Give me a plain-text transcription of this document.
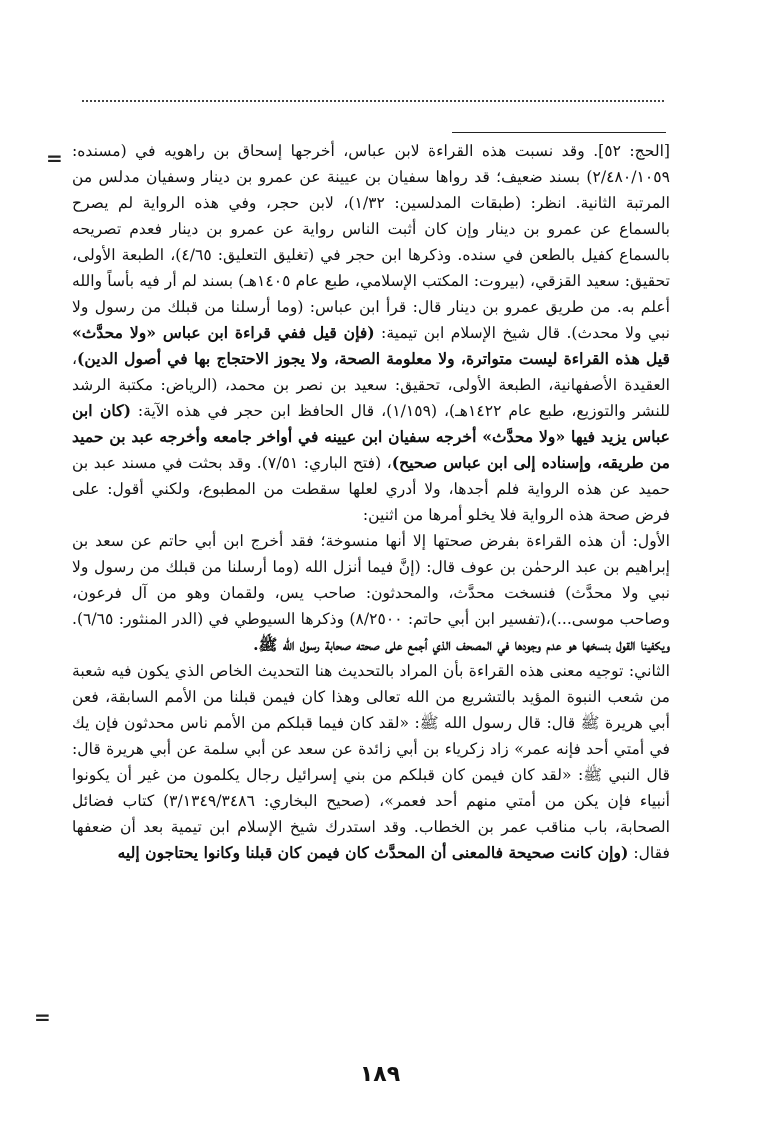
=
=

[الحج: ٥٢]. وقد نسبت هذه القراءة لابن عباس، أخرجها إسحاق بن راهويه في (مسنده: ٢/٤٨٠/١٠٥٩) بسند ضعيف؛ قد رواها سفيان بن عيينة عن عمرو بن دينار وسفيان مدلس من المرتبة الثانية. انظر: (طبقات المدلسين: ١/٣٢)، لابن حجر، وفي هذه الرواية لم يصرح بالسماع عن عمرو بن دينار وإن كان أثبت الناس رواية عن عمرو بن دينار فعدم تصريحه بالسماع كفيل بالطعن في سنده. وذكرها ابن حجر في (تغليق التعليق: ٤/٦٥)، الطبعة الأولى، تحقيق: سعيد القزقي، (بيروت: المكتب الإسلامي، طبع عام ١٤٠٥هـ) بسند لم أر فيه بأساً والله أعلم به. من طريق عمرو بن دينار قال: قرأ ابن عباس: (وما أرسلنا من قبلك من رسول ولا نبي ولا محدث). قال شيخ الإسلام ابن تيمية: (فإن قيل ففي قراءة ابن عباس «ولا محدَّث» قيل هذه القراءة ليست متواترة، ولا معلومة الصحة، ولا يجوز الاحتجاج بها في أصول الدين)، العقيدة الأصفهانية، الطبعة الأولى، تحقيق: سعيد بن نصر بن محمد، (الرياض: مكتبة الرشد للنشر والتوزيع، طبع عام ١٤٢٢هـ)، (١/١٥٩)، قال الحافظ ابن حجر في هذه الآية: (كان ابن عباس يزيد فيها «ولا محدَّث» أخرجه سفيان ابن عيينه في أواخر جامعه وأخرجه عبد بن حميد من طريقه، وإسناده إلى ابن عباس صحيح)، (فتح الباري: ٧/٥١). وقد بحثت في مسند عبد بن حميد عن هذه الرواية فلم أجدها، ولا أدري لعلها سقطت من المطبوع، ولكني أقول: على فرض صحة هذه الرواية فلا يخلو أمرها من اثنين:

الأول: أن هذه القراءة بفرض صحتها إلا أنها منسوخة؛ فقد أخرج ابن أبي حاتم عن سعد بن إبراهيم بن عبد الرحمٰن بن عوف قال: (إنَّ فيما أنزل الله (وما أرسلنا من قبلك من رسول ولا نبي ولا محدَّث) فنسخت محدَّث، والمحدثون: صاحب يس، ولقمان وهو من آل فرعون، وصاحب موسى...)،(تفسير ابن أبي حاتم: ٨/٢٥٠٠) وذكرها السيوطي في (الدر المنثور: ٦/٦٥). ويكفينا القول بنسخها هو عدم وجودها في المصحف الذي أجمع على صحته صحابة رسول الله ﷺ.

الثاني: توجيه معنى هذه القراءة بأن المراد بالتحديث هنا التحديث الخاص الذي يكون فيه شعبة من شعب النبوة المؤيد بالتشريع من الله تعالى وهذا كان فيمن قبلنا من الأمم السابقة، فعن أبي هريرة ﷺ قال: قال رسول الله ﷺ: «لقد كان فيما قبلكم من الأمم ناس محدثون فإن يك في أمتي أحد فإنه عمر» زاد زكرياء بن أبي زائدة عن سعد عن أبي سلمة عن أبي هريرة قال: قال النبي ﷺ: «لقد كان فيمن كان قبلكم من بني إسرائيل رجال يكلمون من غير أن يكونوا أنبياء فإن يكن من أمتي منهم أحد فعمر»، (صحيح البخاري: ٣/١٣٤٩/٣٤٨٦) كتاب فضائل الصحابة، باب مناقب عمر بن الخطاب. وقد استدرك شيخ الإسلام ابن تيمية بعد أن ضعفها فقال: (وإن كانت صحيحة فالمعنى أن المحدَّث كان فيمن كان قبلنا وكانوا يحتاجون إليه

١٨٩
